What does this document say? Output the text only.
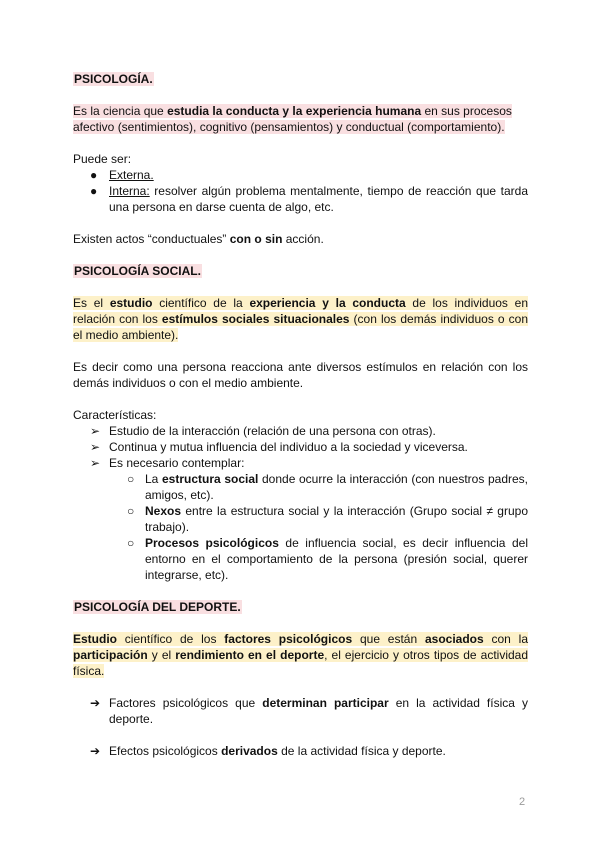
PSICOLOGÍA.
Es la ciencia que estudia la conducta y la experiencia humana en sus procesos afectivo (sentimientos), cognitivo (pensamientos) y conductual (comportamiento).
Puede ser:
● Externa.
● Interna: resolver algún problema mentalmente, tiempo de reacción que tarda una persona en darse cuenta de algo, etc.
Existen actos “conductuales” con o sin acción.
PSICOLOGÍA SOCIAL.
Es el estudio científico de la experiencia y la conducta de los individuos en relación con los estímulos sociales situacionales (con los demás individuos o con el medio ambiente).
Es decir como una persona reacciona ante diversos estímulos en relación con los demás individuos o con el medio ambiente.
Características:
➢ Estudio de la interacción (relación de una persona con otras).
➢ Continua y mutua influencia del individuo a la sociedad y viceversa.
➢ Es necesario contemplar:
○ La estructura social donde ocurre la interacción (con nuestros padres, amigos, etc).
○ Nexos entre la estructura social y la interacción (Grupo social ≠ grupo trabajo).
○ Procesos psicológicos de influencia social, es decir influencia del entorno en el comportamiento de la persona (presión social, querer integrarse, etc).
PSICOLOGÍA DEL DEPORTE.
Estudio científico de los factores psicológicos que están asociados con la participación y el rendimiento en el deporte, el ejercicio y otros tipos de actividad física.
➔ Factores psicológicos que determinan participar en la actividad física y deporte.
➔ Efectos psicológicos derivados de la actividad física y deporte.
2
